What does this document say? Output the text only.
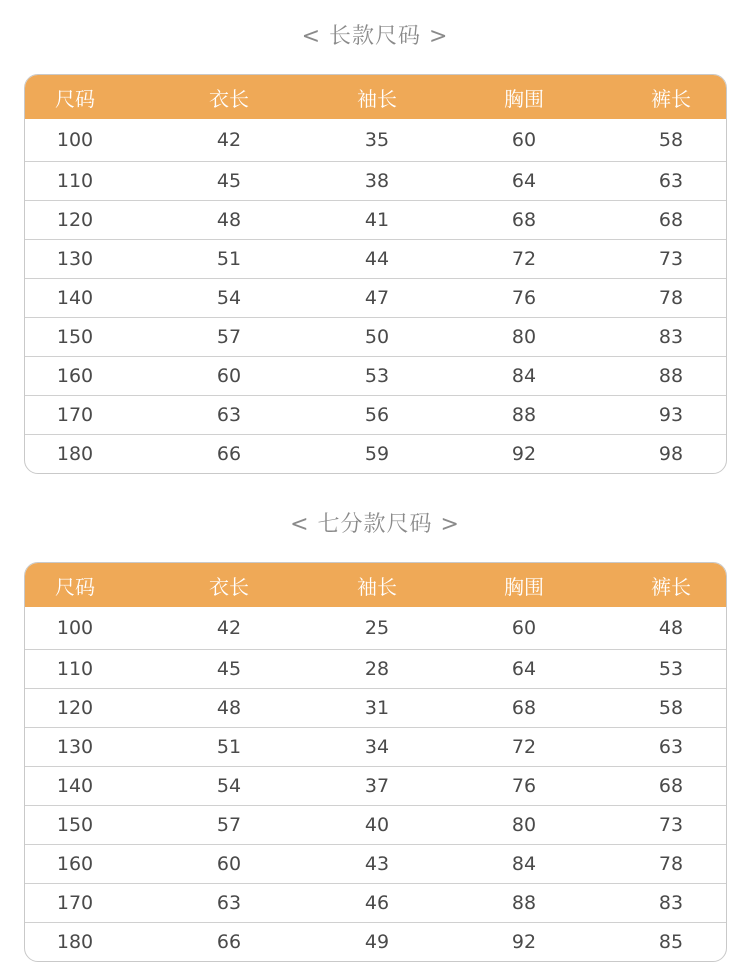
< 长款尺码 >
尺码	衣长	袖长	胸围	裤长
100	42	35	60	58
110	45	38	64	63
120	48	41	68	68
130	51	44	72	73
140	54	47	76	78
150	57	50	80	83
160	60	53	84	88
170	63	56	88	93
180	66	59	92	98
< 七分款尺码 >
尺码	衣长	袖长	胸围	裤长
100	42	25	60	48
110	45	28	64	53
120	48	31	68	58
130	51	34	72	63
140	54	37	76	68
150	57	40	80	73
160	60	43	84	78
170	63	46	88	83
180	66	49	92	85
